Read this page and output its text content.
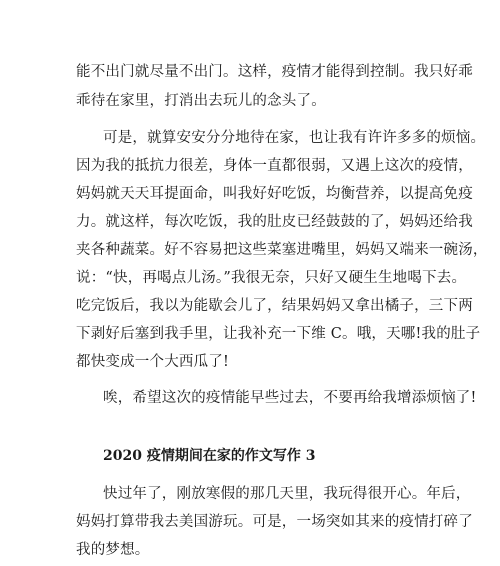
能不出门就尽量不出门。这样，疫情才能得到控制。我只好乖
乖待在家里，打消出去玩儿的念头了。
可是，就算安安分分地待在家，也让我有许许多多的烦恼。
因为我的抵抗力很差，身体一直都很弱，又遇上这次的疫情，
妈妈就天天耳提面命，叫我好好吃饭，均衡营养，以提高免疫
力。就这样，每次吃饭，我的肚皮已经鼓鼓的了，妈妈还给我
夹各种蔬菜。好不容易把这些菜塞进嘴里，妈妈又端来一碗汤，
说：“快，再喝点儿汤。”我很无奈，只好又硬生生地喝下去。
吃完饭后，我以为能歇会儿了，结果妈妈又拿出橘子，三下两
下剥好后塞到我手里，让我补充一下维 C。哦，天哪!我的肚子
都快变成一个大西瓜了!
唉，希望这次的疫情能早些过去，不要再给我增添烦恼了!
2020 疫情期间在家的作文写作 3
快过年了，刚放寒假的那几天里，我玩得很开心。年后，
妈妈打算带我去美国游玩。可是，一场突如其来的疫情打碎了
我的梦想。
